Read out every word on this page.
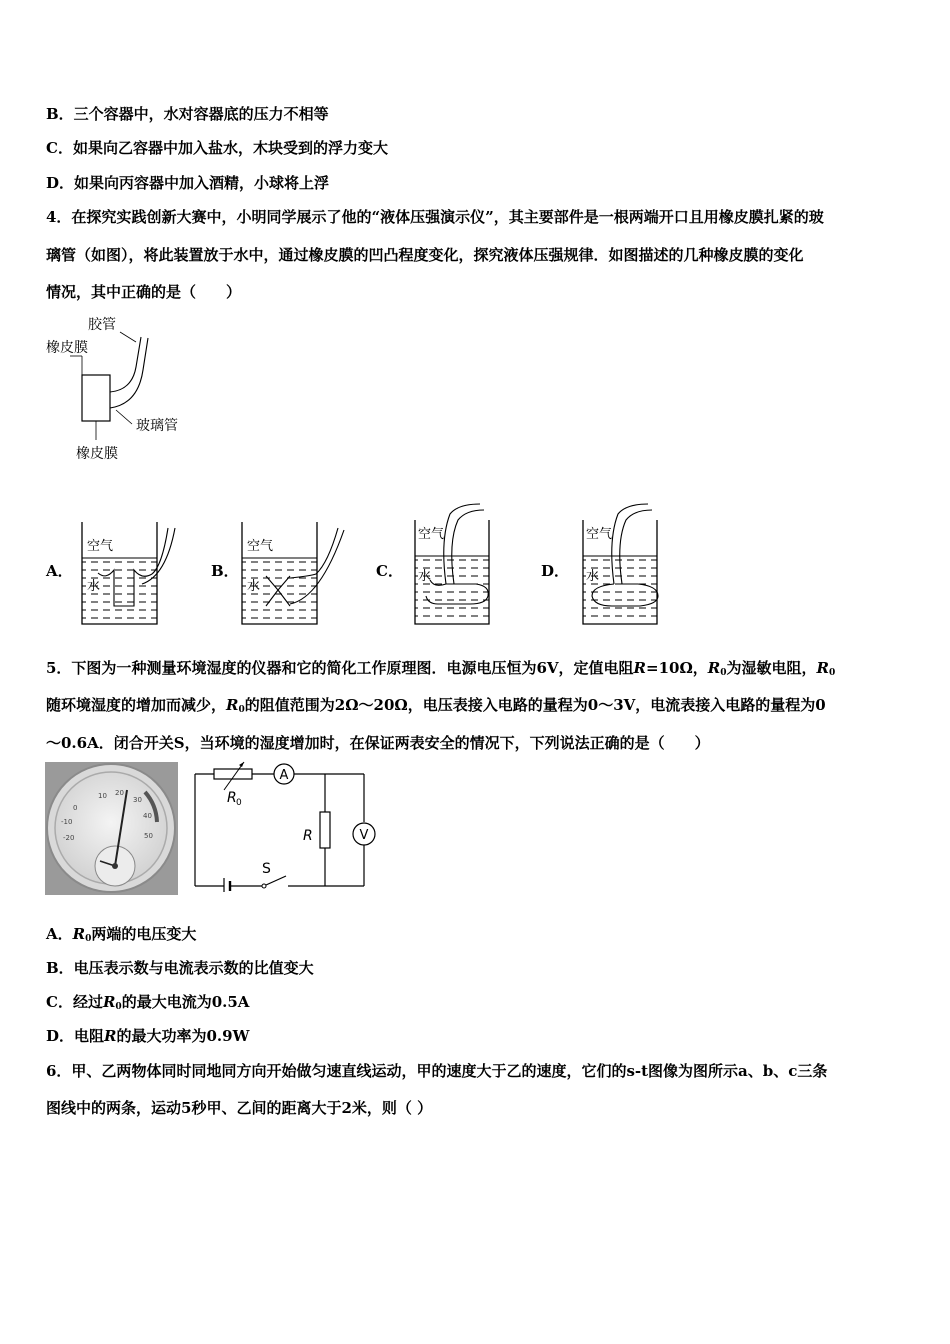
B．三个容器中，水对容器底的压力不相等
C．如果向乙容器中加入盐水，木块受到的浮力变大
D．如果向丙容器中加入酒精，小球将上浮
4．在探究实践创新大赛中，小明同学展示了他的“液体压强演示仪”，其主要部件是一根两端开口且用橡皮膜扎紧的玻
璃管（如图），将此装置放于水中，通过橡皮膜的凹凸程度变化，探究液体压强规律．如图描述的几种橡皮膜的变化
情况，其中正确的是（　　）
胶管
橡皮膜
玻璃管
橡皮膜
A．	B．	C．	D．
空气
水
空气
水
空气
水
空气
水
5．下图为一种测量环境湿度的仪器和它的简化工作原理图．电源电压恒为6V，定值电阻R=10Ω，$R_0$为湿敏电阻，$R_0$
随环境湿度的增加而减少，$R_0$的阻值范围为2Ω～20Ω，电压表接入电路的量程为0～3V，电流表接入电路的量程为0
～0.6A．闭合开关S，当环境的湿度增加时，在保证两表安全的情况下，下列说法正确的是（　　）
0
10 20
30
40
50
-10
-20
A
V
R 0
R
S
A．$R_0$两端的电压变大
B．电压表示数与电流表示数的比值变大
C．经过$R_0$的最大电流为0.5A
D．电阻R的最大功率为0.9W
6．甲、乙两物体同时同地同方向开始做匀速直线运动，甲的速度大于乙的速度，它们的s-t图像为图所示a、b、c三条
图线中的两条，运动5秒甲、乙间的距离大于2米，则（ ）
